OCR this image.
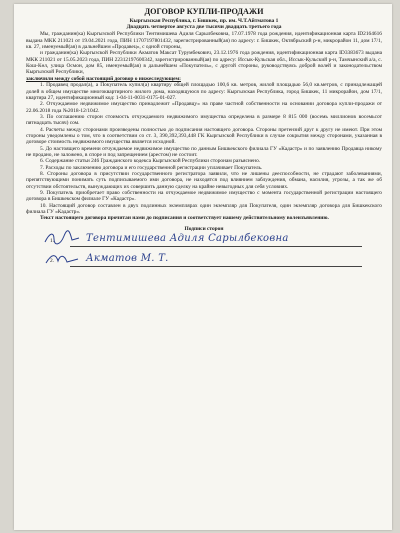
ДОГОВОР КУПЛИ-ПРОДАЖИ
Кыргызская Республика, г. Бишкек, пр. им. Ч.Т.Айтматова 1
Двадцать четвертое августа две тысячи двадцать третьего года

Мы, гражданин(ка) Кыргызской Республики Тентимишева Адиля Сарылбековна, 17.07.1978 года рождения, идентификационная карта ID2164616 выдана МКК 211021 от 19.04.2021 года, ПИН 11707197801432, зарегистрированный(ая) по адресу: г. Бишкек, Октябрьский р-н, микрорайон 11, дом 17/1, кв. 27, именуемый(ая) в дальнейшем «Продавец», с одной стороны,

и гражданин(ка) Кыргызской Республики Акматов Максат Турумбекович, 23.12.1976 года рождения, идентификационная карта ID3383673 выдана МКК 211021 от 15.05.2023 года, ПИН 22312197600342, зарегистрированный(ая) по адресу: Иссык-Кульская обл., Иссык-Кульский р-н, Тамчынский а/а, с. Кош-Көл, улица Осмон, дом 85, именуемый(ая) в дальнейшем «Покупатель», с другой стороны, руководствуясь доброй волей и законодательством Кыргызской Республики,

заключили между собой настоящий договор о нижеследующем:

1. Продавец продал(а), а Покупатель купил(а) квартиру общей площадью 100,6 кв. метров, жилой площадью 56,0 кв.метров, с принадлежащей долей в общем имуществе многоквартирного жилого дома, находящуюся по адресу: Кыргызская Республика, город Бишкек, 11 микрорайон, дом 17/1, квартира 27, идентификационный код: 1-04-11-0031-0175-01-027.

2. Отчуждаемое недвижимое имущество принадлежит «Продавцу» на праве частной собственности на основании договора купли-продажи от 22.06.2018 года №2018-12/1042.

3. По соглашению сторон стоимость отчуждаемого недвижимого имущества определена в размере 8 815 000 (восемь миллионов восемьсот пятнадцать тысяч) сом.

4. Расчеты между сторонами произведены полностью до подписания настоящего договора. Стороны претензий друг к другу не имеют. При этом стороны уведомлены о том, что в соответствии со ст. 3, 390,392,393,448 ГК Кыргызской Республики в случае сокрытия между сторонами, указанная в договоре стоимость недвижимого имущества является исходной.

5. До настоящего времени отчуждаемое недвижимое имущество по данным Бишкекского филиала ГУ «Кадастр» и по заявлению Продавца никому не продано, не заложено, в споре и под запрещением (арестом) не состоит.

6. Содержание статьи 246 Гражданского кодекса Кыргызской Республики сторонам разъяснено.

7. Расходы по заключению договора и его государственной регистрации уплачивает Покупатель.

8. Стороны договора в присутствии государственного регистратора заявили, что не лишены дееспособности, не страдают заболеваниями, препятствующими понимать суть подписываемого ими договора, не находятся под влиянием заблуждения, обмана, насилия, угрозы, а так же об отсутствии обстоятельств, вынуждающих их совершить данную сделку на крайне невыгодных для себя условиях.

9. Покупатель приобретает право собственности на отчуждаемое недвижимое имущество с момента государственной регистрации настоящего договора в Бишкекском филиале ГУ «Кадастр».

10. Настоящий договор составлен в двух подлинных экземплярах один экземпляр для Покупателя, один экземпляр договора для Бишкекского филиала ГУ «Кадастр».

Текст настоящего договора прочитан нами до подписания и соответствует нашему действительному волеизъявлению.

Подписи сторон
1.	Тентимишева Адиля Сарылбековна
2.	Акматов М. Т.
